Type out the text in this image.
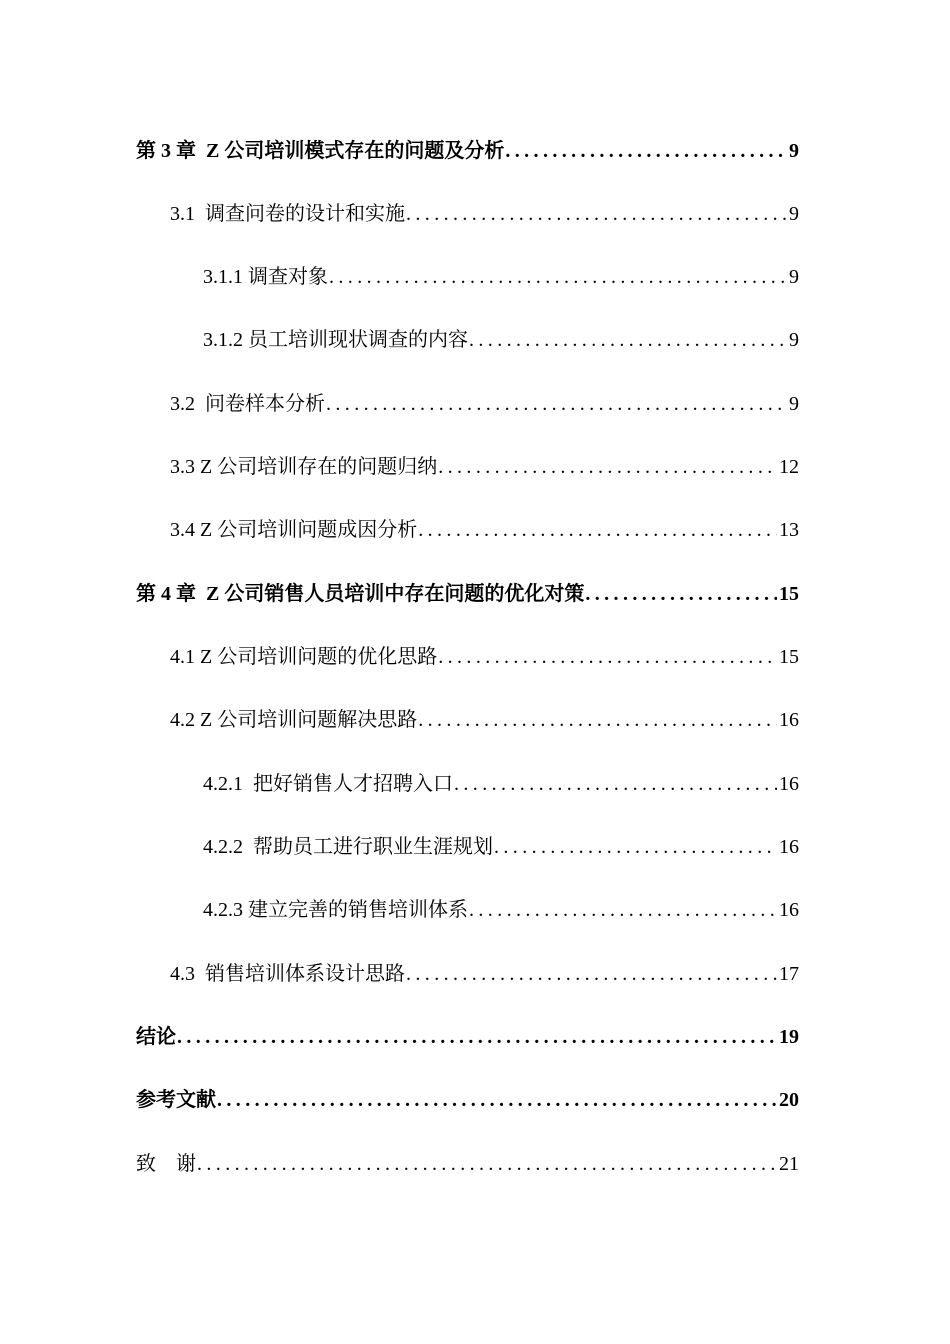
第 3 章  Z 公司培训模式存在的问题及分析 .....	9
3.1  调查问卷的设计和实施 .....	9
3.1.1 调查对象 .....	9
3.1.2 员工培训现状调查的内容 .....	9
3.2  问卷样本分析 .....	9
3.3 Z 公司培训存在的问题归纳 .....	12
3.4 Z 公司培训问题成因分析 .....	13
第 4 章  Z 公司销售人员培训中存在问题的优化对策 .....	15
4.1 Z 公司培训问题的优化思路 .....	15
4.2 Z 公司培训问题解决思路 .....	16
4.2.1  把好销售人才招聘入口 .....	16
4.2.2  帮助员工进行职业生涯规划 .....	16
4.2.3 建立完善的销售培训体系 .....	16
4.3  销售培训体系设计思路 .....	17
结论 .....	19
参考文献 .....	20
致    谢 .....	21
